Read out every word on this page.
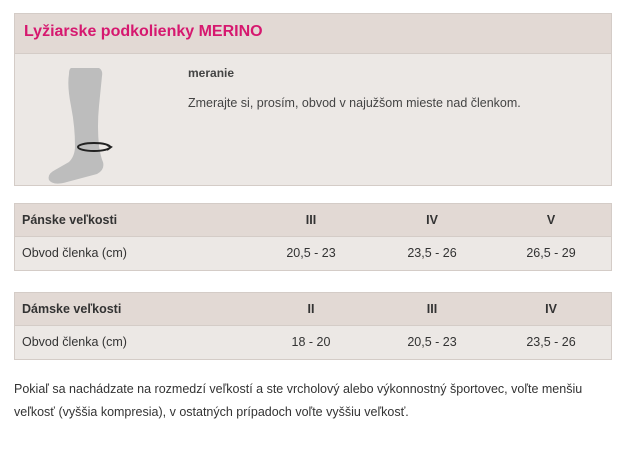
Lyžiarske podkolienky MERINO
meranie
Zmerajte si, prosím, obvod v najužšom mieste nad členkom.
Pánske veľkosti	III	IV	V
Obvod členka (cm)	20,5 - 23	23,5 - 26	26,5 - 29
Dámske veľkosti	II	III	IV
Obvod členka (cm)	18 - 20	20,5 - 23	23,5 - 26

Pokiaľ sa nachádzate na rozmedzí veľkostí a ste vrcholový alebo výkonnostný športovec, voľte menšiu veľkosť (vyššia kompresia), v ostatných prípadoch voľte vyššiu veľkosť.
